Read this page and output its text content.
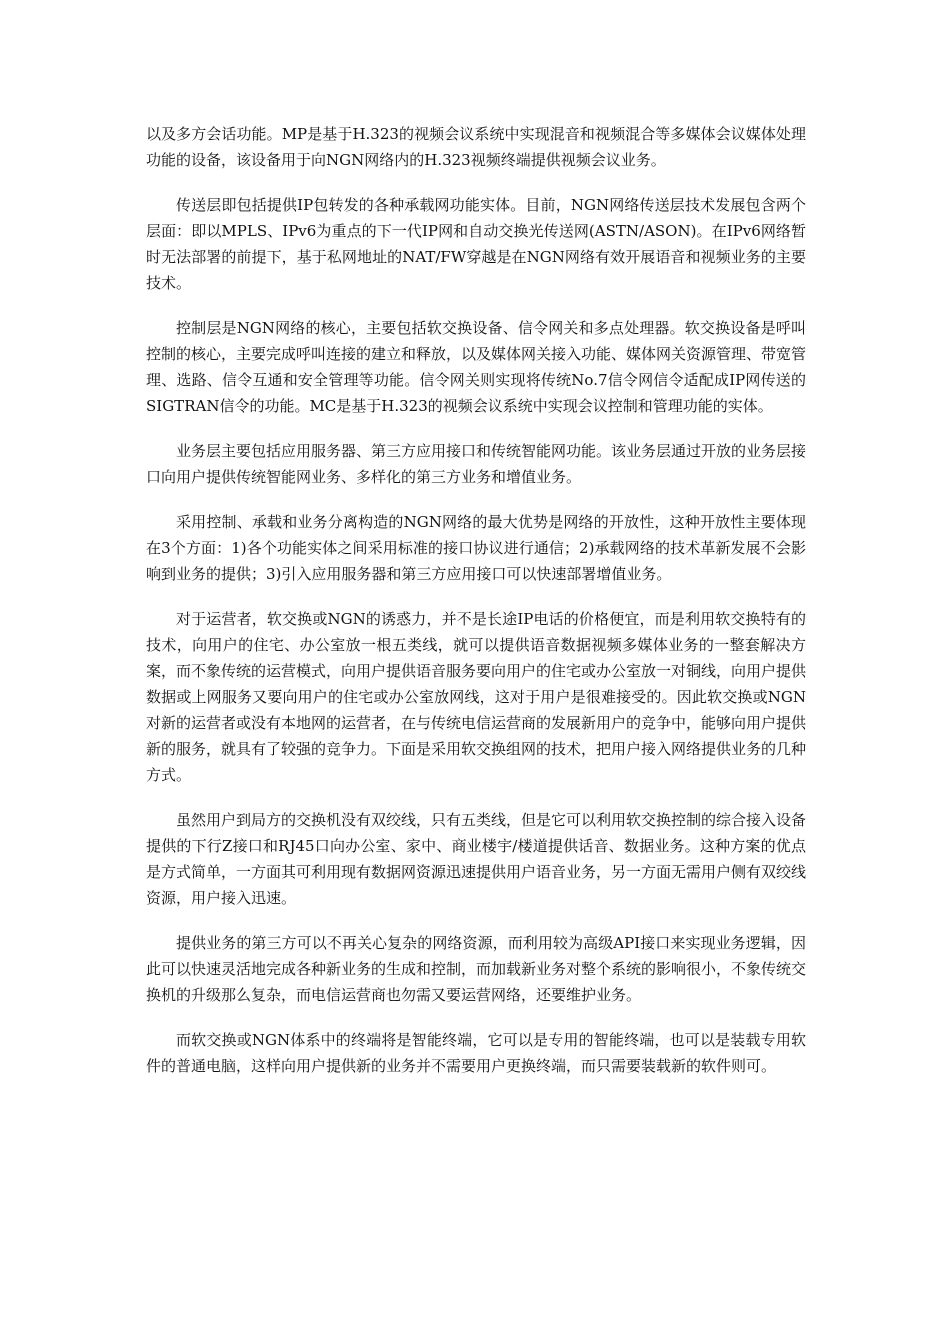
以及多方会话功能。MP是基于H.323的视频会议系统中实现混音和视频混合等多媒体会议媒体处理功能的设备，该设备用于向NGN网络内的H.323视频终端提供视频会议业务。

传送层即包括提供IP包转发的各种承载网功能实体。目前，NGN网络传送层技术发展包含两个层面：即以MPLS、IPv6为重点的下一代IP网和自动交换光传送网(ASTN/ASON)。在IPv6网络暂时无法部署的前提下，基于私网地址的NAT/FW穿越是在NGN网络有效开展语音和视频业务的主要技术。

控制层是NGN网络的核心，主要包括软交换设备、信令网关和多点处理器。软交换设备是呼叫控制的核心，主要完成呼叫连接的建立和释放，以及媒体网关接入功能、媒体网关资源管理、带宽管理、选路、信令互通和安全管理等功能。信令网关则实现将传统No.7信令网信令适配成IP网传送的SIGTRAN信令的功能。MC是基于H.323的视频会议系统中实现会议控制和管理功能的实体。

业务层主要包括应用服务器、第三方应用接口和传统智能网功能。该业务层通过开放的业务层接口向用户提供传统智能网业务、多样化的第三方业务和增值业务。

采用控制、承载和业务分离构造的NGN网络的最大优势是网络的开放性，这种开放性主要体现在3个方面：1)各个功能实体之间采用标准的接口协议进行通信；2)承载网络的技术革新发展不会影响到业务的提供；3)引入应用服务器和第三方应用接口可以快速部署增值业务。

对于运营者，软交换或NGN的诱惑力，并不是长途IP电话的价格便宜，而是利用软交换特有的技术，向用户的住宅、办公室放一根五类线，就可以提供语音数据视频多媒体业务的一整套解决方案，而不象传统的运营模式，向用户提供语音服务要向用户的住宅或办公室放一对铜线，向用户提供数据或上网服务又要向用户的住宅或办公室放网线，这对于用户是很难接受的。因此软交换或NGN对新的运营者或没有本地网的运营者，在与传统电信运营商的发展新用户的竞争中，能够向用户提供新的服务，就具有了较强的竞争力。下面是采用软交换组网的技术，把用户接入网络提供业务的几种方式。

虽然用户到局方的交换机没有双绞线，只有五类线，但是它可以利用软交换控制的综合接入设备提供的下行Z接口和RJ45口向办公室、家中、商业楼宇/楼道提供话音、数据业务。这种方案的优点是方式简单，一方面其可利用现有数据网资源迅速提供用户语音业务，另一方面无需用户侧有双绞线资源，用户接入迅速。

提供业务的第三方可以不再关心复杂的网络资源，而利用较为高级API接口来实现业务逻辑，因此可以快速灵活地完成各种新业务的生成和控制，而加载新业务对整个系统的影响很小，不象传统交换机的升级那么复杂，而电信运营商也勿需又要运营网络，还要维护业务。

而软交换或NGN体系中的终端将是智能终端，它可以是专用的智能终端，也可以是装载专用软件的普通电脑，这样向用户提供新的业务并不需要用户更换终端，而只需要装载新的软件则可。
